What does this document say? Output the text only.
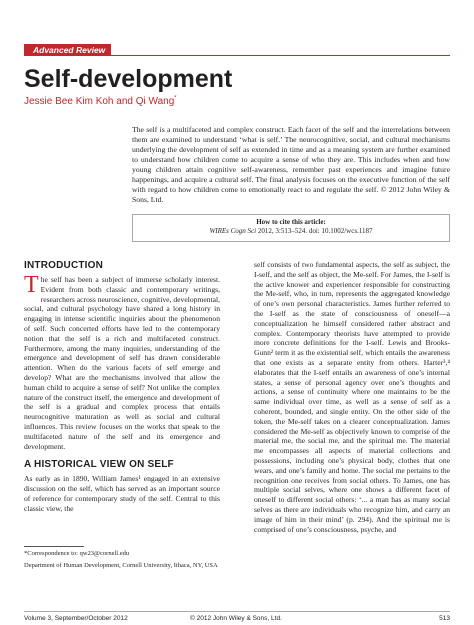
Advanced Review
Self-development
Jessie Bee Kim Koh and Qi Wang*

The self is a multifaceted and complex construct. Each facet of the self and the interrelations between them are examined to understand ‘what is self.’ The neurocognitive, social, and cultural mechanisms underlying the development of self as extended in time and as a meaning system are further examined to understand how children come to acquire a sense of who they are. This includes when and how young children attain cognitive self-awareness, remember past experiences and imagine future happenings, and acquire a cultural self. The final analysis focuses on the executive function of the self with regard to how children come to emotionally react to and regulate the self. © 2012 John Wiley & Sons, Ltd.

How to cite this article:
WIREs Cogn Sci 2012, 3:513–524. doi: 10.1002/wcs.1187
INTRODUCTION

The self has been a subject of immerse scholarly interest. Evident from both classic and contemporary writings, researchers across neuroscience, cognitive, developmental, social, and cultural psychology have shared a long history in engaging in intense scientific inquiries about the phenomenon of self. Such concerted efforts have led to the contemporary notion that the self is a rich and multifaceted construct. Furthermore, among the many inquiries, understanding of the emergence and development of self has drawn considerable attention. When do the various facets of self emerge and develop? What are the mechanisms involved that allow the human child to acquire a sense of self? Not unlike the complex nature of the construct itself, the emergence and development of the self is a gradual and complex process that entails neurocognitive maturation as well as social and cultural influences. This review focuses on the works that speak to the multifaceted nature of the self and its emergence and development.

A HISTORICAL VIEW ON SELF

As early as in 1890, William James¹ engaged in an extensive discussion on the self, which has served as an important source of reference for contemporary study of the self. Central to this classic view, the

self consists of two fundamental aspects, the self as subject, the I-self, and the self as object, the Me-self. For James, the I-self is the active knower and experiencer responsible for constructing the Me-self, who, in turn, represents the aggregated knowledge of one’s own personal characteristics. James further referred to the I-self as the state of consciousness of oneself—a conceptualization he himself considered rather abstract and complex. Contemporary theorists have attempted to provide more concrete definitions for the I-self. Lewis and Brooks-Gunn² term it as the existential self, which entails the awareness that one exists as a separate entity from others. Harter³,⁴ elaborates that the I-self entails an awareness of one’s internal states, a sense of personal agency over one’s thoughts and actions, a sense of continuity where one maintains to be the same individual over time, as well as a sense of self as a coherent, bounded, and single entity. On the other side of the token, the Me-self takes on a clearer conceptualization. James considered the Me-self as objectively known to comprise of the material me, the social me, and the spiritual me. The material me encompasses all aspects of material collections and possessions, including one’s physical body, clothes that one wears, and one’s family and home. The social me pertains to the recognition one receives from social others. To James, one has multiple social selves, where one shows a different facet of oneself to different social others: ‘... a man has as many social selves as there are individuals who recognize him, and carry an image of him in their mind’ (p. 294). And the spiritual me is comprised of one’s consciousness, psyche, and

*Correspondence to: qw23@cornell.edu
Department of Human Development, Cornell University, Ithaca, NY, USA
Volume 3, September/October 2012	© 2012 John Wiley & Sons, Ltd.	513
